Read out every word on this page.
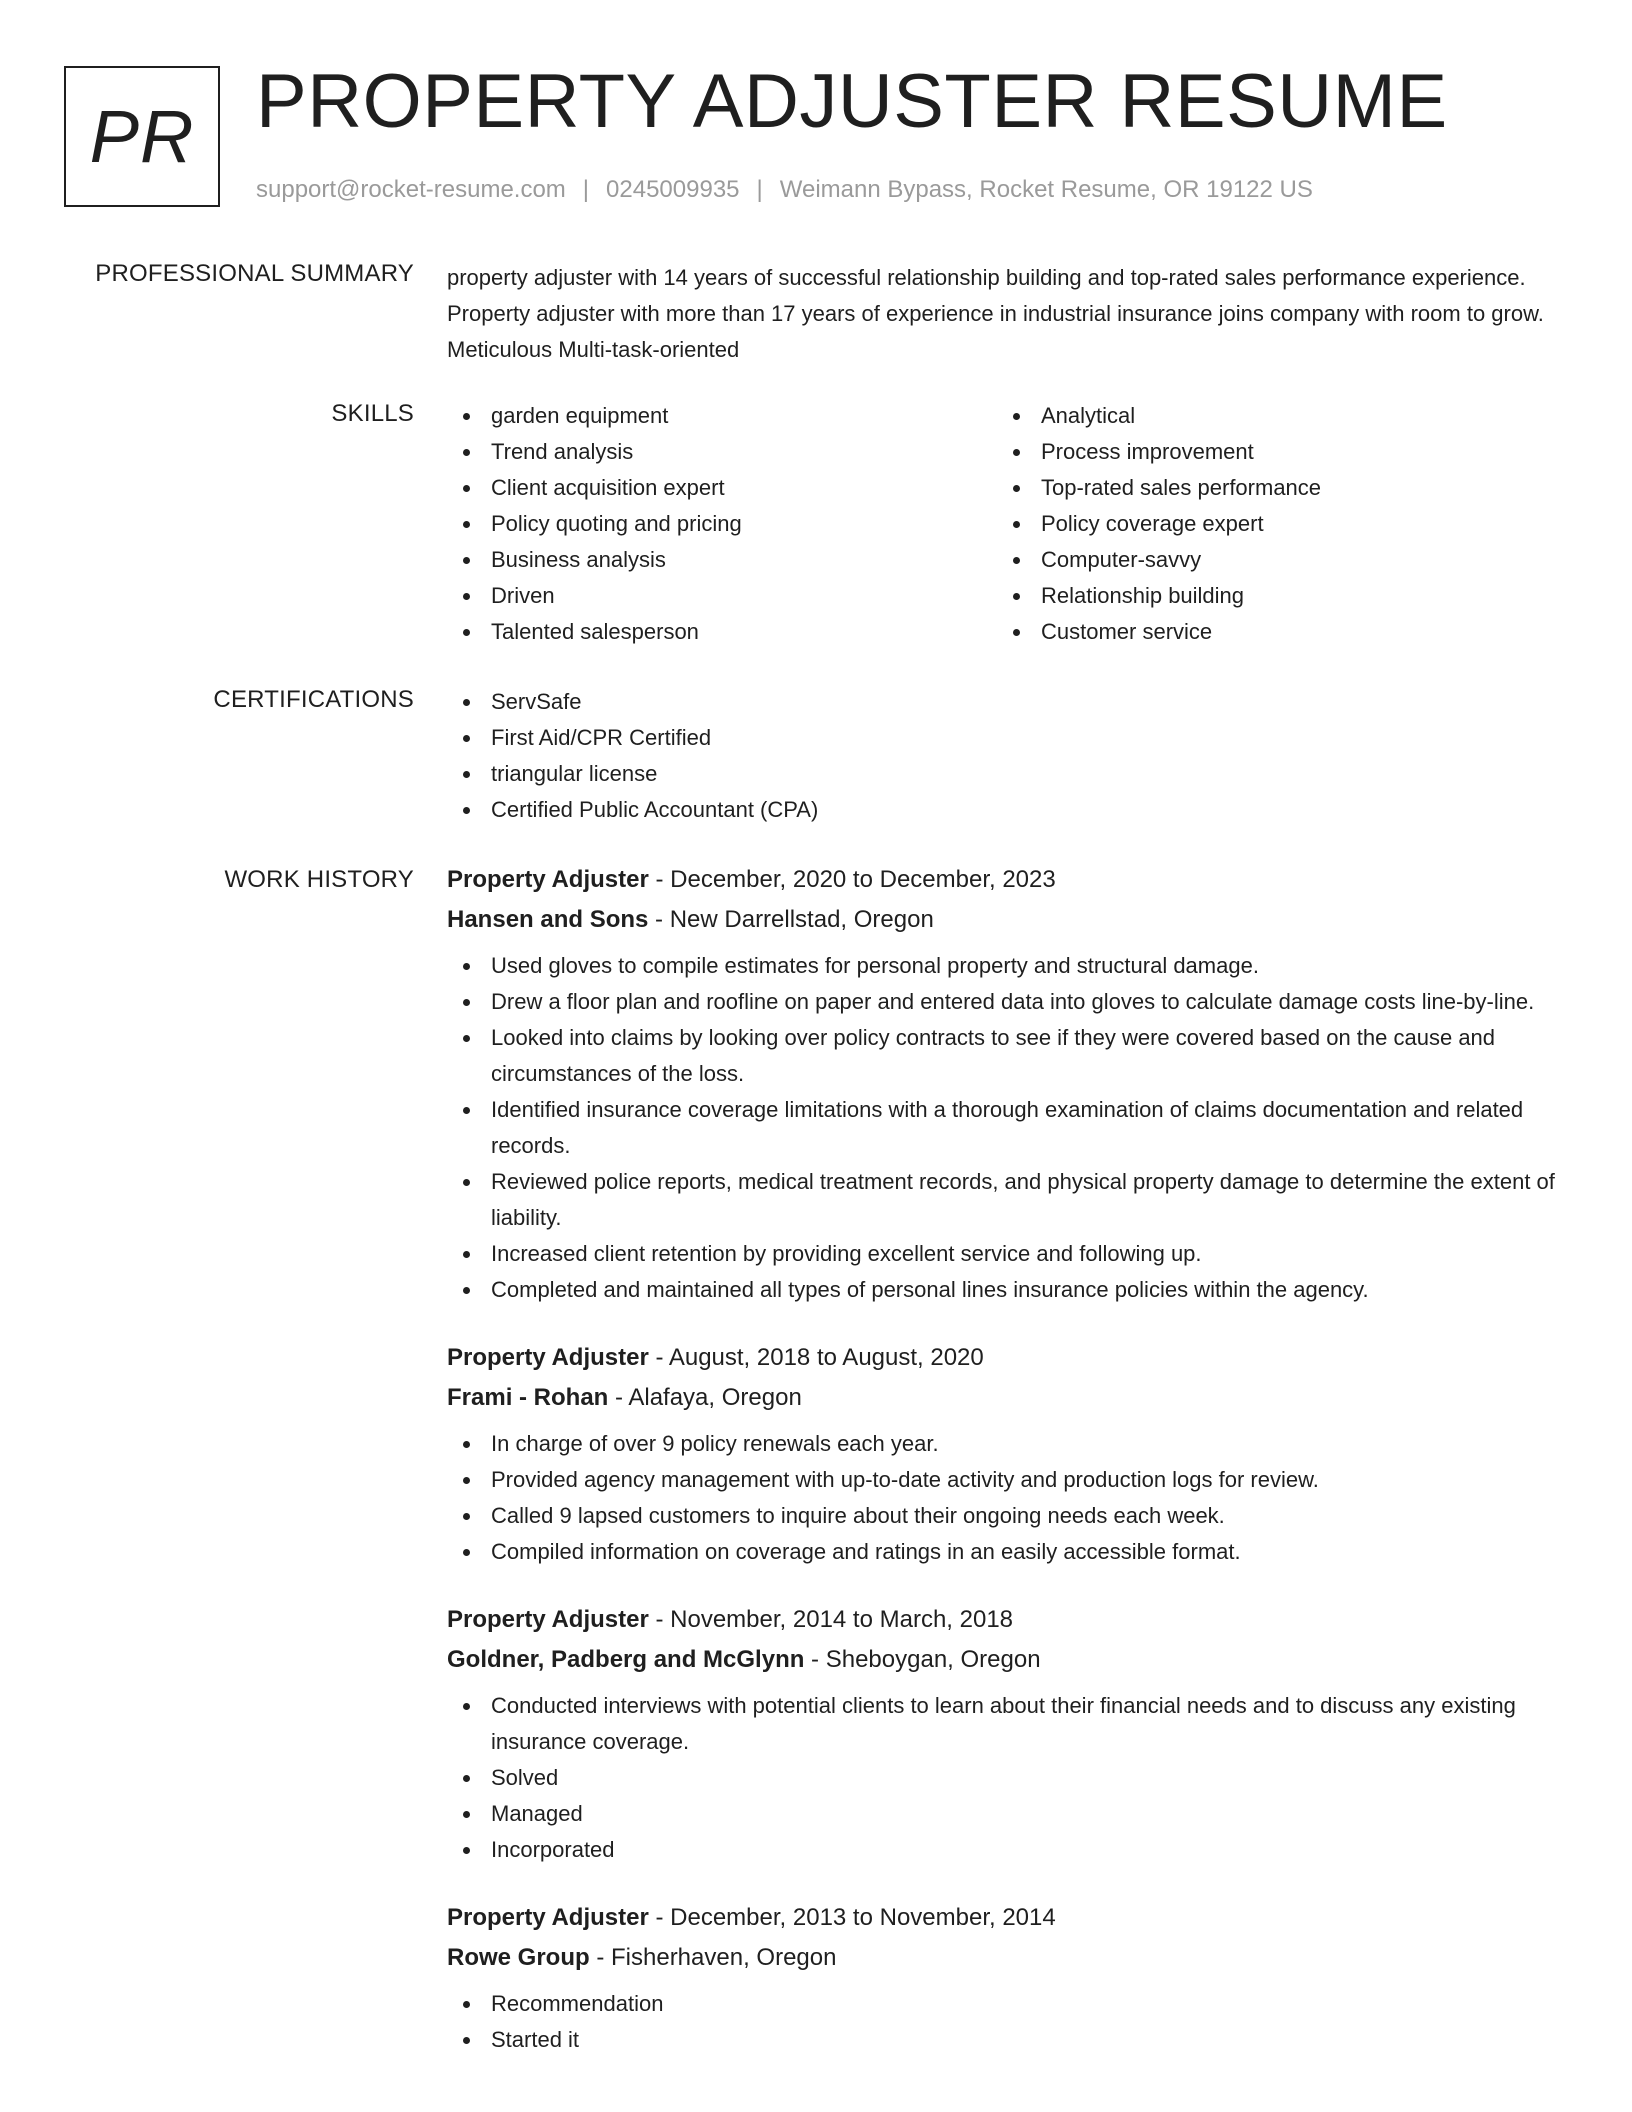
PR PROPERTY ADJUSTER RESUME
support@rocket-resume.com | 0245009935 | Weimann Bypass, Rocket Resume, OR 19122 US
PROFESSIONAL SUMMARY property adjuster with 14 years of successful relationship building and top-rated sales performance experience. Property adjuster with more than 17 years of experience in industrial insurance joins company with room to grow. Meticulous Multi-task-oriented

SKILLS	garden equipment
Trend analysis
Client acquisition expert
Policy quoting and pricing
Business analysis
Driven
Talented salesperson
Analytical
Process improvement
Top-rated sales performance
Policy coverage expert
Computer-savvy
Relationship building
Customer service
CERTIFICATIONS	ServSafe
First Aid/CPR Certified
triangular license
Certified Public Accountant (CPA)
WORK HISTORY Property Adjuster - December, 2020 to December, 2023
Hansen and Sons - New Darrellstad, Oregon
Used gloves to compile estimates for personal property and structural damage.
Drew a floor plan and roofline on paper and entered data into gloves to calculate damage costs line-by-line.
Looked into claims by looking over policy contracts to see if they were covered based on the cause and circumstances of the loss.
Identified insurance coverage limitations with a thorough examination of claims documentation and related records.
Reviewed police reports, medical treatment records, and physical property damage to determine the extent of liability.
Increased client retention by providing excellent service and following up.
Completed and maintained all types of personal lines insurance policies within the agency.
Property Adjuster - August, 2018 to August, 2020
Frami - Rohan - Alafaya, Oregon
In charge of over 9 policy renewals each year.
Provided agency management with up-to-date activity and production logs for review.
Called 9 lapsed customers to inquire about their ongoing needs each week.
Compiled information on coverage and ratings in an easily accessible format.
Property Adjuster - November, 2014 to March, 2018
Goldner, Padberg and McGlynn - Sheboygan, Oregon
Conducted interviews with potential clients to learn about their financial needs and to discuss any existing insurance coverage.
Solved
Managed
Incorporated
Property Adjuster - December, 2013 to November, 2014
Rowe Group - Fisherhaven, Oregon
Recommendation
Started it
